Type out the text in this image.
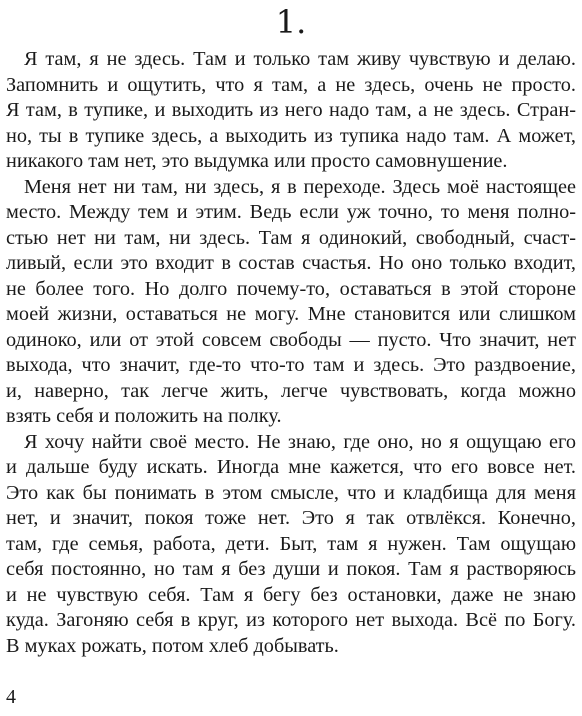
1.
Я там, я не здесь. Там и только там живу чувствую и делаю.
Запомнить и ощутить, что я там, а не здесь, очень не просто.
Я там, в тупике, и выходить из него надо там, а не здесь. Стран-
но, ты в тупике здесь, а выходить из тупика надо там. А может,
никакого там нет, это выдумка или просто самовнушение.
Меня нет ни там, ни здесь, я в переходе. Здесь моё настоящее
место. Между тем и этим. Ведь если уж точно, то меня полно-
стью нет ни там, ни здесь. Там я одинокий, свободный, счаст-
ливый, если это входит в состав счастья. Но оно только входит,
не более того. Но долго почему-то, оставаться в этой стороне
моей жизни, оставаться не могу. Мне становится или слишком
одиноко, или от этой совсем свободы — пусто. Что значит, нет
выхода, что значит, где-то что-то там и здесь. Это раздвоение,
и, наверно, так легче жить, легче чувствовать, когда можно
взять себя и положить на полку.
Я хочу найти своё место. Не знаю, где оно, но я ощущаю его
и дальше буду искать. Иногда мне кажется, что его вовсе нет.
Это как бы понимать в этом смысле, что и кладбища для меня
нет, и значит, покоя тоже нет. Это я так отвлёкся. Конечно,
там, где семья, работа, дети. Быт, там я нужен. Там ощущаю
себя постоянно, но там я без души и покоя. Там я растворяюсь
и не чувствую себя. Там я бегу без остановки, даже не знаю
куда. Загоняю себя в круг, из которого нет выхода. Всё по Богу.
В муках рожать, потом хлеб добывать.
4
